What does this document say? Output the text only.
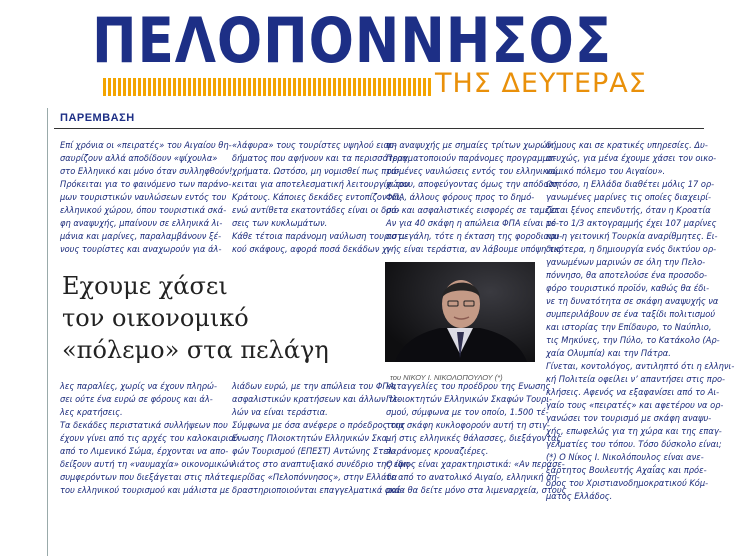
ΠΕΛΟΠΟΝΝΗΣΟΣ
ΤΗΣ ΔΕΥΤΕΡΑΣ
ΠΑΡΕΜΒΑΣΗ

Επί χρόνια οι «πειρατές» του Αιγαίου θη-

σαυρίζουν αλλά αποδίδουν «ψίχουλα»

στο Ελληνικό και μόνο όταν συλληφθούν!

Πρόκειται για το φαινόμενο των παράνο-

μων τουριστικών ναυλώσεων εντός του

ελληνικού χώρου, όπου τουριστικά σκά-

φη αναψυχής, μπαίνουν σε ελληνικά λι-

μάνια και μαρίνες, παραλαμβάνουν ξέ-

νους τουρίστες και αναχωρούν για άλ-

«λάφυρα» τους τουρίστες υψηλού εισο-

δήματος που αφήνουν και τα περισσότερα

χρήματα. Ωστόσο, μη νομισθεί πως πρό-

κειται για αποτελεσματική λειτουργία του

Κράτους. Κάποιες δεκάδες εντοπίζονται,

ενώ αντίθετα εκατοντάδες είναι οι δρό-

σεις των κυκλωμάτων.

Κάθε τέτοια παράνομη ναύλωση τουριστι-

κού σκάφους, αφορά ποσά δεκάδων χι-

φη αναψυχής με σημαίες τρίτων χωρών.

Πραγματοποιούν παράνομες προγραμμα-

τισμένες ναυλώσεις εντός του ελληνικού

χώρου, αποφεύγοντας όμως την απόδοση

ΦΠΑ, άλλους φόρους προς το δημό-

σιο και ασφαλιστικές εισφορές σε ταμεία.

Αν για 40 σκάφη η απώλεια ΦΠΑ είναι τό-

σο μεγάλη, τότε η έκταση της φοροδιαφυ-

γής είναι τεράστια, αν λάβουμε υπόψη τις

δήμους και σε κρατικές υπηρεσίες. Δυ-

στυχώς, για μένα έχουμε χάσει τον οικο-

νομικό πόλεμο του Αιγαίου».

Ωστόσο, η Ελλάδα διαθέτει μόλις 17 ορ-

γανωμένες μαρίνες τις οποίες διαχειρί-

ζεται ξένος επενδυτής, όταν η Κροατία

με το 1/3 ακτογραμμής έχει 107 μαρίνες

και η γειτονική Τουρκία αναρίθμητες. Ει-

δικότερα, η δημιουργία ενός δικτύου ορ-

γανωμένων μαρινών σε όλη την Πελο-

πόννησο, θα αποτελούσε ένα προσοδο-

φόρο τουριστικό προϊόν, καθώς θα έδι-

νε τη δυνατότητα σε σκάφη αναψυχής να

συμπεριλάβουν σε ένα ταξίδι πολιτισμού

και ιστορίας την Επίδαυρο, το Ναύπλιο,

τις Μηκύνες, την Πύλο, το Κατάκολο (Αρ-

χαία Ολυμπία) και την Πάτρα.

Γίνεται, κοντολόγος, αντιληπτό ότι η ελληνι-

κή Πολιτεία οφείλει ν’ απαντήσει στις προ-

κλήσεις. Αφενός να εξαφανίσει από το Αι-

γαίο τους «πειρατές» και αφετέρου να ορ-

γανώσει τον τουρισμό με σκάφη αναψυ-

χής, επωφελώς για τη χώρα και της επαγ-

γελματίες του τόπου. Τόσο δύσκολο είναι;

(*) Ο Νίκος Ι. Νικολόπουλος είναι ανε-

ξάρτητος Βουλευτής Αχαΐας και πρόε-

δρος του Χριστιανοδημοκρατικού Κόμ-

ματος Ελλάδος.

Εχουμε χάσει
τον οικονομικό
«πόλεμο» στα πελάγη
του ΝΙΚΟΥ Ι. ΝΙΚΟΛΟΠΟΥΛΟΥ (*)

λες παραλίες, χωρίς να έχουν πληρώ-

σει ούτε ένα ευρώ σε φόρους και άλ-

λες κρατήσεις.

Τα δεκάδες περιστατικά συλλήψεων που

έχουν γίνει από τις αρχές του καλοκαιριού

από το Λιμενικό Σώμα, έρχονται να απο-

δείξουν αυτή τη «ναυμαχία» οικονομικών

συμφερόντων που διεξάγεται στις πλάτες

του ελληνικού τουρισμού και μάλιστα με

λιάδων ευρώ, με την απώλεια του ΦΠΑ,

ασφαλιστικών κρατήσεων και άλλων τε-

λών να είναι τεράστια.

Σύμφωνα με όσα ανέφερε ο πρόεδρος της

Ενωσης Πλοιοκτητών Ελληνικών Σκα-

φών Τουρισμού (ΕΠΕΣΤ) Αντώνης Στελ-

λιάτος στο αναπτυξιακό συνέδριο της εφη-

μερίδας «Πελοπόννησος», στην Ελλάδα

δραστηριοποιούνται επαγγελματικά σκά-

καταγγελίες του προέδρου της Ενωσης

Πλοιοκτητών Ελληνικών Σκαφών Τουρι-

σμού, σύμφωνα με τον οποίο, 1.500 τέ-

τοια σκάφη κυκλοφορούν αυτή τη στιγ-

μή στις ελληνικές θάλασσες, διεξάγοντας

παράνομες κρουαζιέρες.

Ο ίδιος είναι χαρακτηριστικά: «Αν περάσε-

τε από το ανατολικό Αιγαίο, ελληνική ση-

μαία θα δείτε μόνο στα λιμεναρχεία, στους
